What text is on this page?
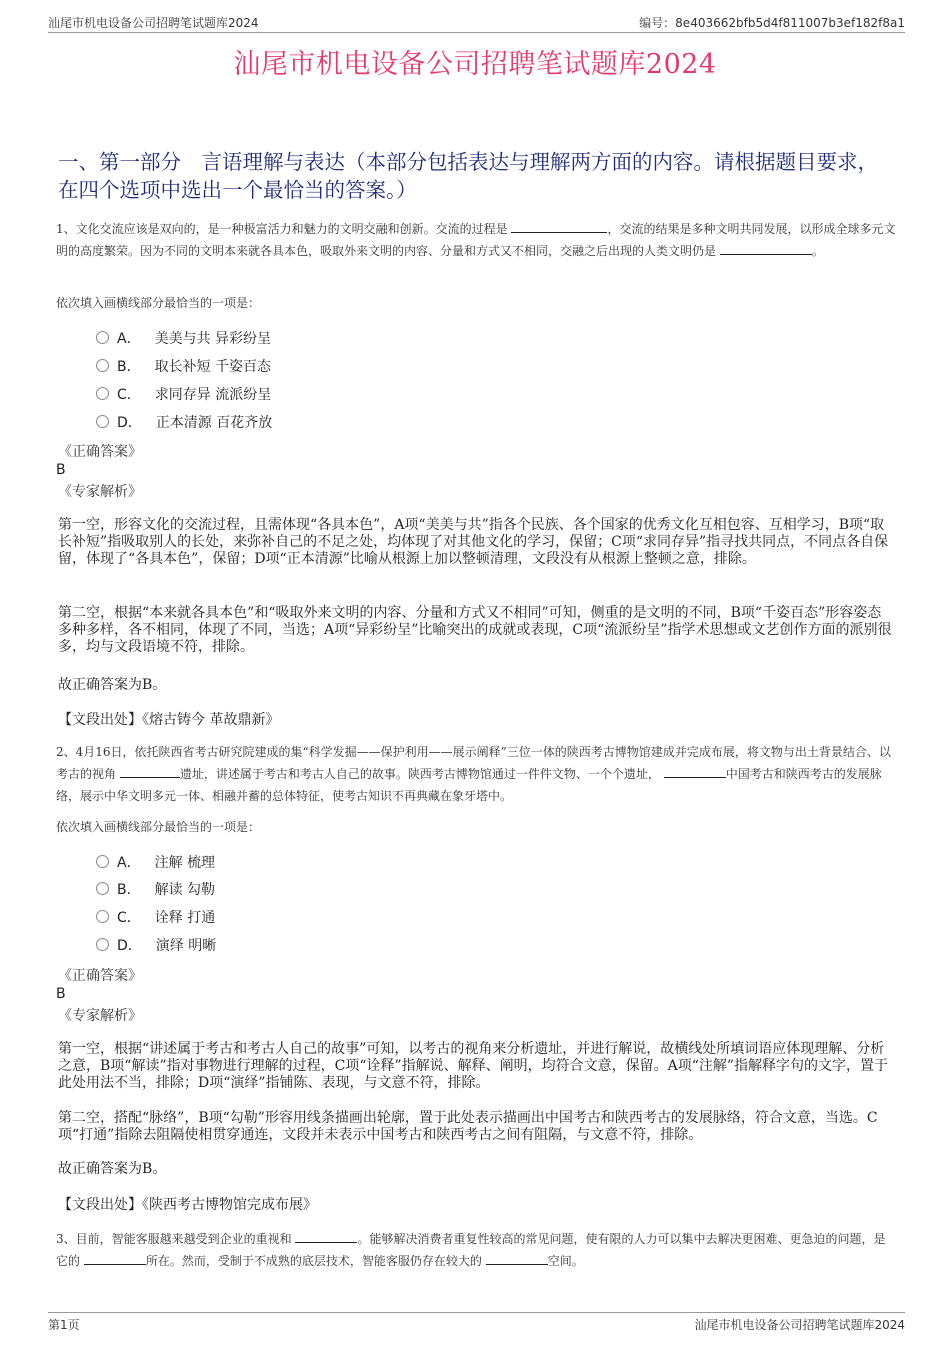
汕尾市机电设备公司招聘笔试题库2024	编号：8e403662bfb5d4f811007b3ef182f8a1
汕尾市机电设备公司招聘笔试题库2024
一、第一部分　言语理解与表达（本部分包括表达与理解两方面的内容。请根据题目要求，在四个选项中选出一个最恰当的答案。）
1、文化交流应该是双向的，是一种极富活力和魅力的文明交融和创新。交流的过程是	，交流的结果是多种文明共同发展，以形成全球多元文明的高度繁荣。因为不同的文明本来就各具本色，吸取外来文明的内容、分量和方式又不相同，交融之后出现的人类文明仍是	。
依次填入画横线部分最恰当的一项是：
A． 美美与共 异彩纷呈
B． 取长补短 千姿百态
C． 求同存异 流派纷呈
D． 正本清源 百花齐放
《正确答案》
B
《专家解析》
第一空，形容文化的交流过程，且需体现“各具本色”，A项“美美与共”指各个民族、各个国家的优秀文化互相包容、互相学习，B项“取长补短”指吸取别人的长处，来弥补自己的不足之处，均体现了对其他文化的学习，保留；C项“求同存异”指寻找共同点，不同点各自保留，体现了“各具本色”，保留；D项“正本清源”比喻从根源上加以整顿清理，文段没有从根源上整顿之意，排除。
第二空，根据“本来就各具本色”和“吸取外来文明的内容、分量和方式又不相同”可知，侧重的是文明的不同，B项“千姿百态”形容姿态多种多样，各不相同，体现了不同，当选；A项“异彩纷呈”比喻突出的成就或表现，C项“流派纷呈”指学术思想或文艺创作方面的派别很多，均与文段语境不符，排除。
故正确答案为B。
【文段出处】《熔古铸今 革故鼎新》
2、4月16日，依托陕西省考古研究院建成的集“科学发掘——保护利用——展示阐释”三位一体的陕西考古博物馆建成并完成布展，将文物与出土背景结合、以考古的视角	遗址，讲述属于考古和考古人自己的故事。陕西考古博物馆通过一件件文物、一个个遗址，	中国考古和陕西考古的发展脉络，展示中华文明多元一体、相融并蓄的总体特征，使考古知识不再典藏在象牙塔中。
依次填入画横线部分最恰当的一项是：
A． 注解 梳理
B． 解读 勾勒
C． 诠释 打通
D． 演绎 明晰
《正确答案》
B
《专家解析》
第一空，根据“讲述属于考古和考古人自己的故事”可知，以考古的视角来分析遗址，并进行解说，故横线处所填词语应体现理解、分析之意，B项“解读”指对事物进行理解的过程，C项“诠释”指解说、解释、阐明，均符合文意，保留。A项“注解”指解释字句的文字，置于此处用法不当，排除；D项“演绎”指铺陈、表现，与文意不符，排除。
第二空，搭配“脉络”，B项“勾勒”形容用线条描画出轮廓，置于此处表示描画出中国考古和陕西考古的发展脉络，符合文意，当选。C项“打通”指除去阻隔使相贯穿通连，文段并未表示中国考古和陕西考古之间有阻隔，与文意不符，排除。
故正确答案为B。
【文段出处】《陕西考古博物馆完成布展》
3、目前，智能客服越来越受到企业的重视和	。能够解决消费者重复性较高的常见问题，使有限的人力可以集中去解决更困难、更急迫的问题，是它的	所在。然而，受制于不成熟的底层技术，智能客服仍存在较大的	空间。
第1页	汕尾市机电设备公司招聘笔试题库2024
